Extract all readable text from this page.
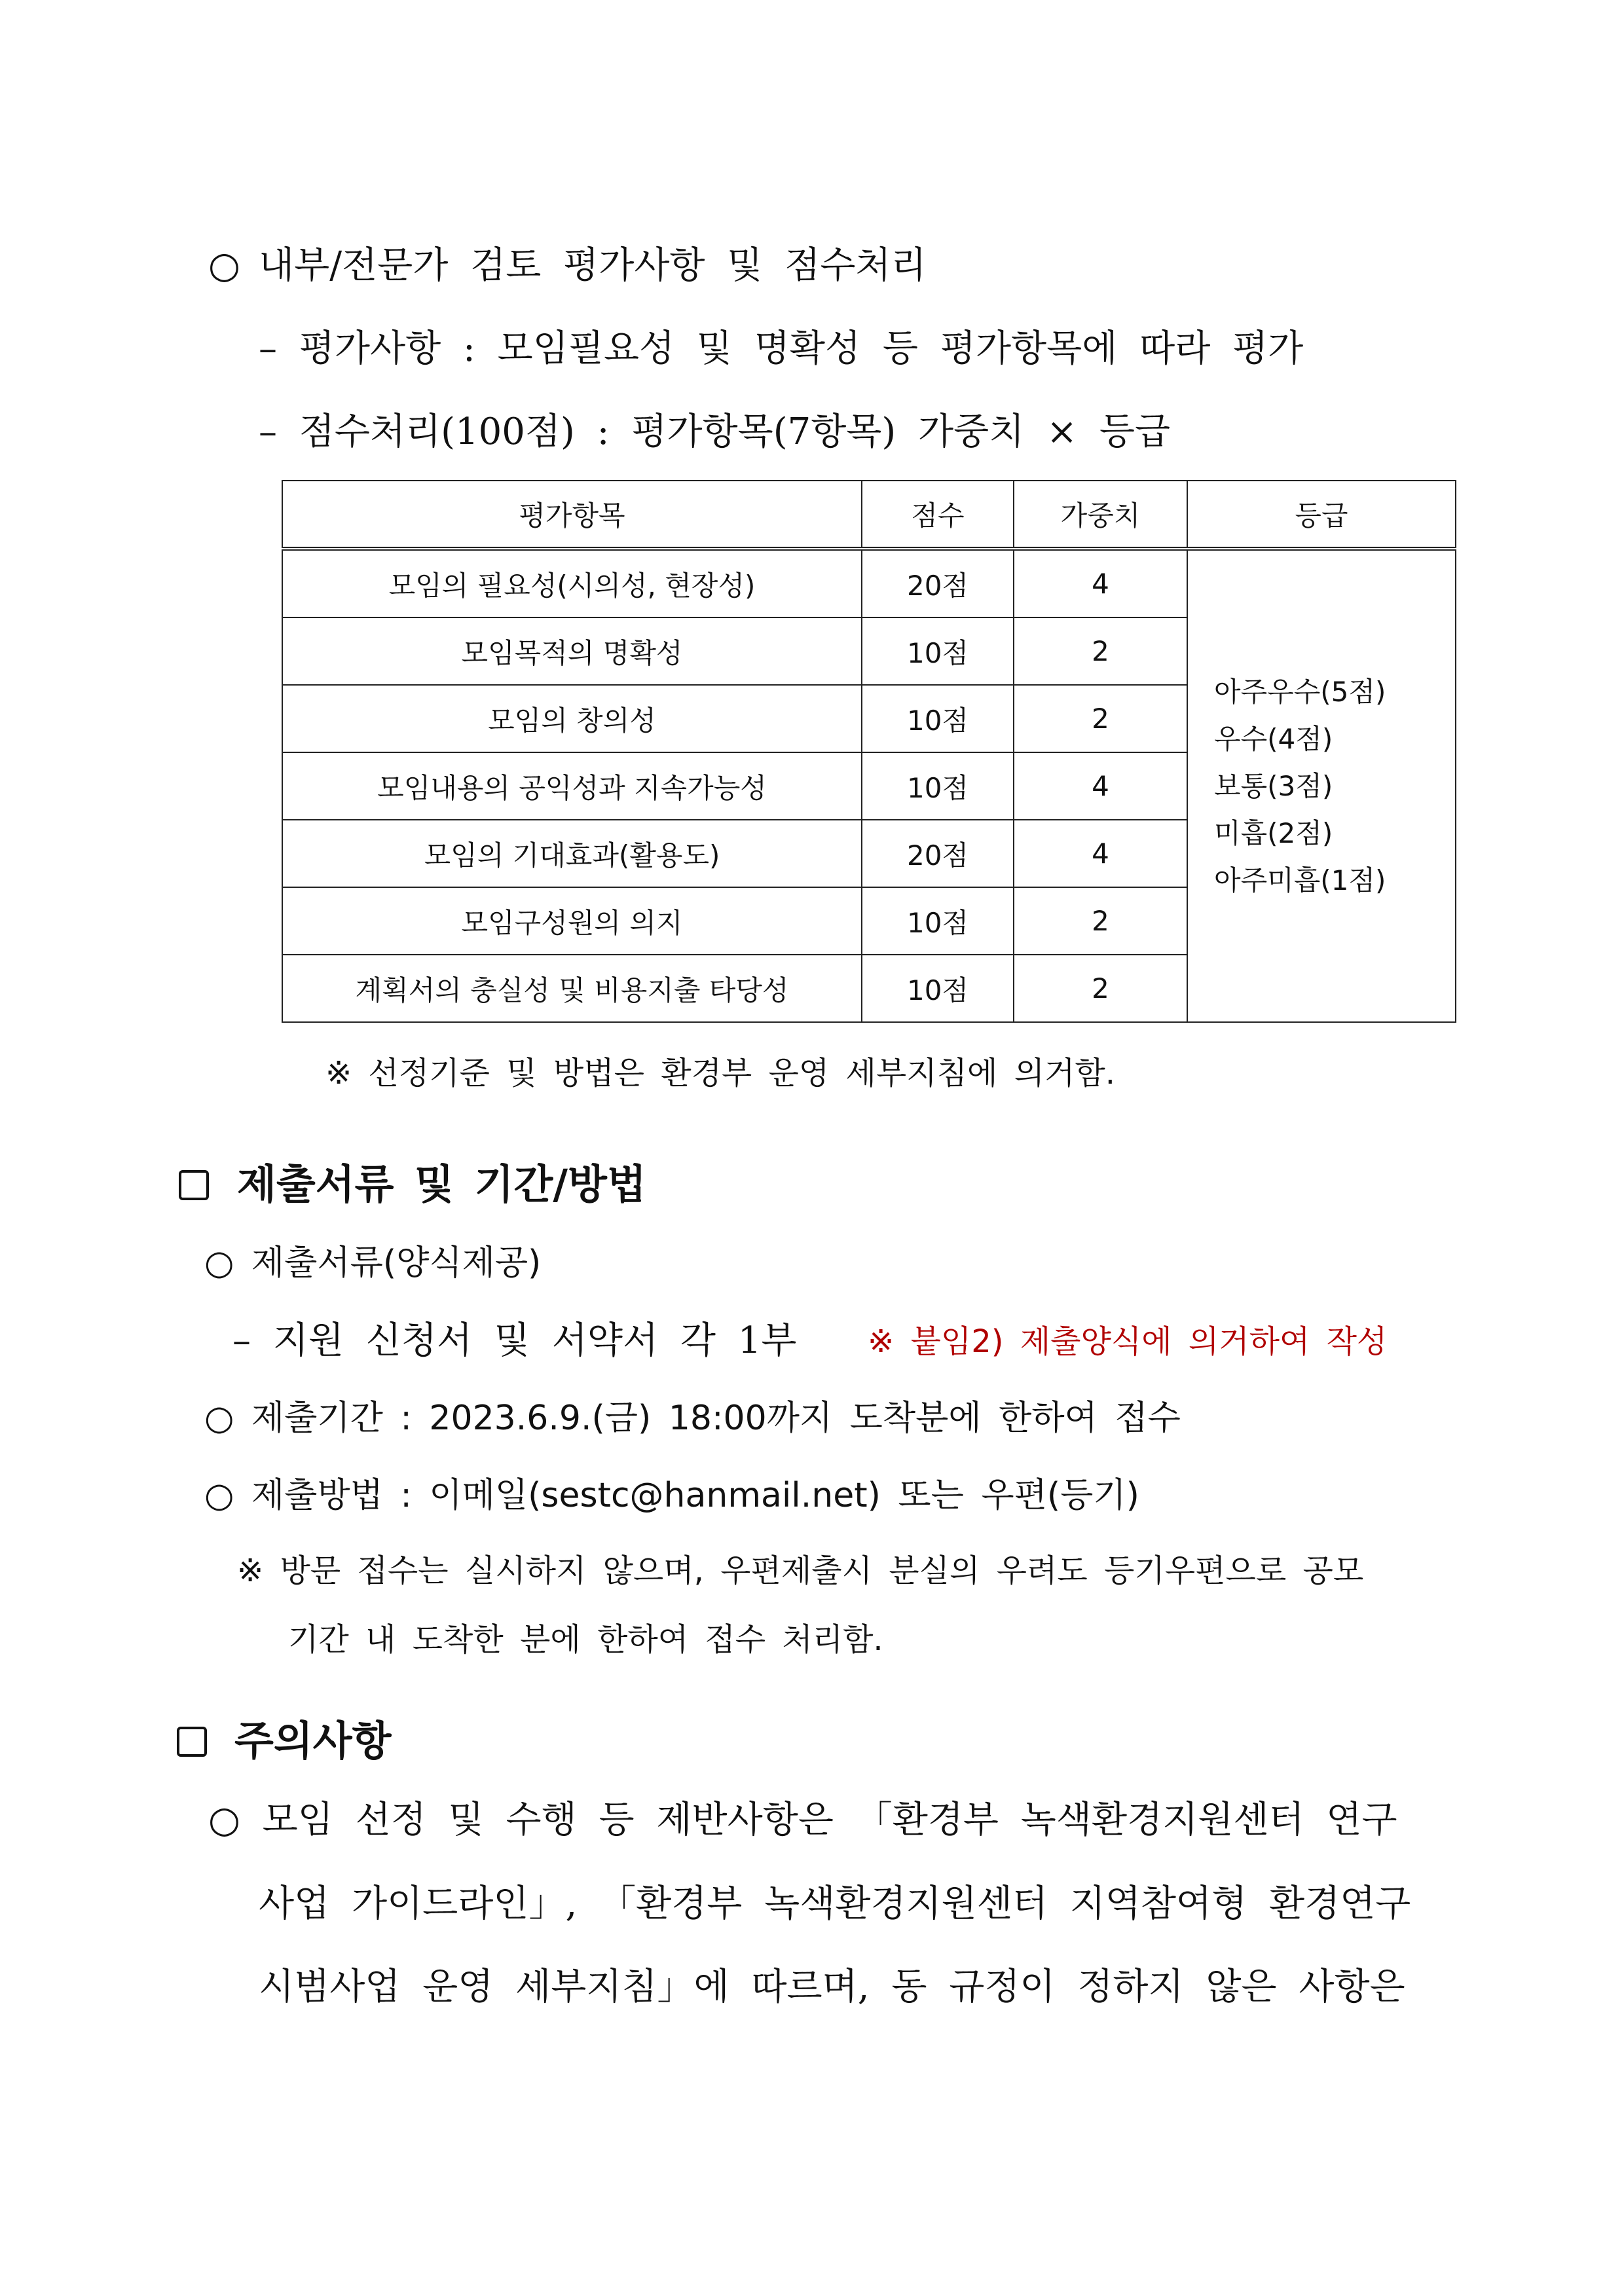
○ 내부/전문가 검토 평가사항 및 점수처리
– 평가사항 : 모임필요성 및 명확성 등 평가항목에 따라 평가
– 점수처리(100점) : 평가항목(7항목) 가중치 × 등급
평가항목	점수	가중치	등급
모임의 필요성(시의성, 현장성)	20점	4	아주우수(5점)
우수(4점)
보통(3점)
미흡(2점)
아주미흡(1점)

모임목적의 명확성	10점	2	
모임의 창의성	10점	2	
모임내용의 공익성과 지속가능성	10점	4	
모임의 기대효과(활용도)	20점	4	
모임구성원의 의지	10점	2	
계획서의 충실성 및 비용지출 타당성	10점	2	
※ 선정기준 및 방법은 환경부 운영 세부지침에 의거함.
제출서류 및 기간/방법
○ 제출서류(양식제공)
– 지원 신청서 및 서약서 각 1부 ※ 붙임2) 제출양식에 의거하여 작성
○ 제출기간 : 2023.6.9.(금) 18:00까지 도착분에 한하여 접수
○ 제출방법 : 이메일(sestc@hanmail.net) 또는 우편(등기)
※ 방문 접수는 실시하지 않으며, 우편제출시 분실의 우려도 등기우편으로 공모
기간 내 도착한 분에 한하여 접수 처리함.
주의사항
○ 모임 선정 및 수행 등 제반사항은 「환경부 녹색환경지원센터 연구
사업 가이드라인」, 「환경부 녹색환경지원센터 지역참여형 환경연구
시범사업 운영 세부지침」에 따르며, 동 규정이 정하지 않은 사항은
